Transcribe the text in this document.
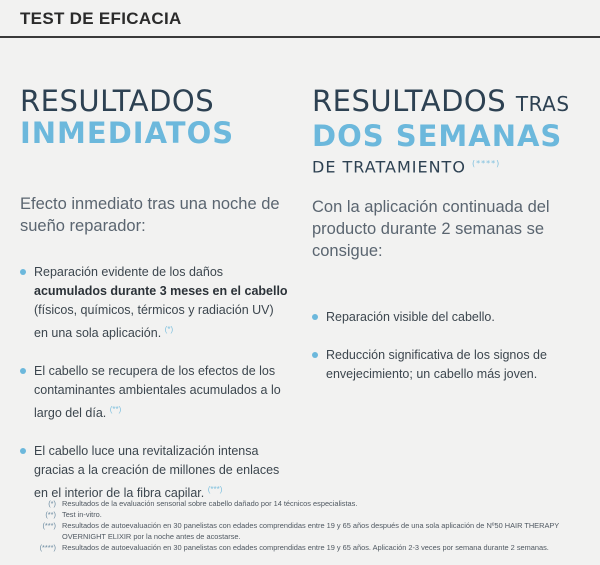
TEST DE EFICACIA
RESULTADOS
INMEDIATOS
Efecto inmediato tras una noche de sueño reparador:
Reparación evidente de los daños acumulados durante 3 meses en el cabello (físicos, químicos, térmicos y radiación UV) en una sola aplicación. (*)
El cabello se recupera de los efectos de los contaminantes ambientales acumulados a lo largo del día. (**)
El cabello luce una revitalización intensa gracias a la creación de millones de enlaces en el interior de la fibra capilar. (***)
RESULTADOS TRAS
DOS SEMANAS
DE TRATAMIENTO (****)
Con la aplicación continuada del producto durante 2 semanas se consigue:
Reparación visible del cabello.
Reducción significativa de los signos de envejecimiento; un cabello más joven.
(*) Resultados de la evaluación sensorial sobre cabello dañado por 14 técnicos especialistas.
(**) Test in-vitro.
(***) Resultados de autoevaluación en 30 panelistas con edades comprendidas entre 19 y 65 años después de una sola aplicación de Nº50 HAIR THERAPY OVERNIGHT ELIXIR por la noche antes de acostarse.
(****) Resultados de autoevaluación en 30 panelistas con edades comprendidas entre 19 y 65 años. Aplicación 2-3 veces por semana durante 2 semanas.
